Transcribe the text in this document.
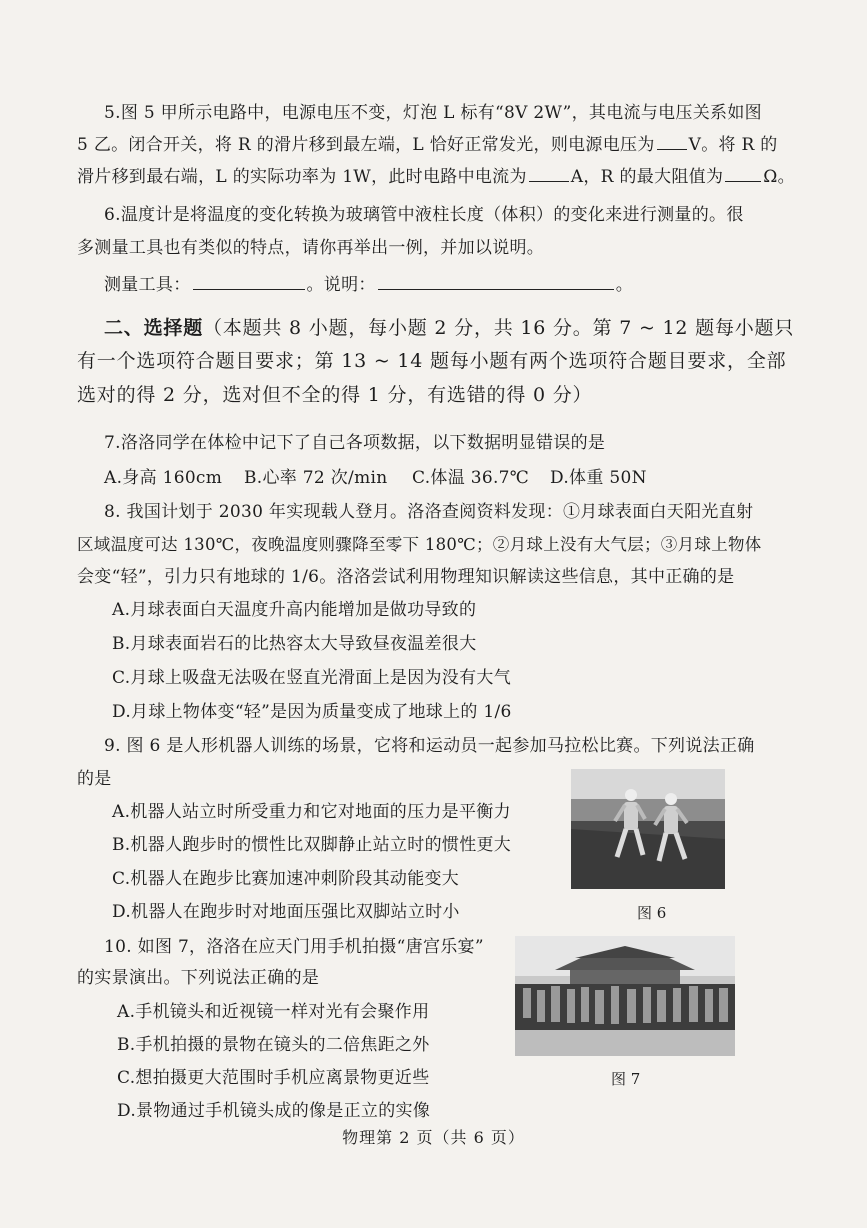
5.图 5 甲所示电路中，电源电压不变，灯泡 L 标有“8V 2W”，其电流与电压关系如图
5 乙。闭合开关，将 R 的滑片移到最左端，L 恰好正常发光，则电源电压为 V。将 R 的
滑片移到最右端，L 的实际功率为 1W，此时电路中电流为	A，R 的最大阻值为 Ω。
6.温度计是将温度的变化转换为玻璃管中液柱长度（体积）的变化来进行测量的。很
多测量工具也有类似的特点，请你再举出一例，并加以说明。
测量工具：	。说明：	。
二、选择题（本题共 8 小题，每小题 2 分，共 16 分。第 7 ~ 12 题每小题只
有一个选项符合题目要求；第 13 ~ 14 题每小题有两个选项符合题目要求，全部
选对的得 2 分，选对但不全的得 1 分，有选错的得 0 分）
7.洛洛同学在体检中记下了自己各项数据，以下数据明显错误的是
A.身高 160cm B.心率 72 次/min C.体温 36.7℃ D.体重 50N
8. 我国计划于 2030 年实现载人登月。洛洛查阅资料发现：①月球表面白天阳光直射
区域温度可达 130℃，夜晚温度则骤降至零下 180℃；②月球上没有大气层；③月球上物体
会变“轻”，引力只有地球的 1/6。洛洛尝试利用物理知识解读这些信息，其中正确的是
A.月球表面白天温度升高内能增加是做功导致的
B.月球表面岩石的比热容太大导致昼夜温差很大
C.月球上吸盘无法吸在竖直光滑面上是因为没有大气
D.月球上物体变“轻”是因为质量变成了地球上的 1/6
9. 图 6 是人形机器人训练的场景，它将和运动员一起参加马拉松比赛。下列说法正确
的是
A.机器人站立时所受重力和它对地面的压力是平衡力
B.机器人跑步时的惯性比双脚静止站立时的惯性更大
C.机器人在跑步比赛加速冲刺阶段其动能变大
D.机器人在跑步时对地面压强比双脚站立时小	图 6
10. 如图 7，洛洛在应天门用手机拍摄“唐宫乐宴”
的实景演出。下列说法正确的是
A.手机镜头和近视镜一样对光有会聚作用
B.手机拍摄的景物在镜头的二倍焦距之外
C.想拍摄更大范围时手机应离景物更近些
D.景物通过手机镜头成的像是正立的实像
图 7
物理第 2 页（共 6 页）
